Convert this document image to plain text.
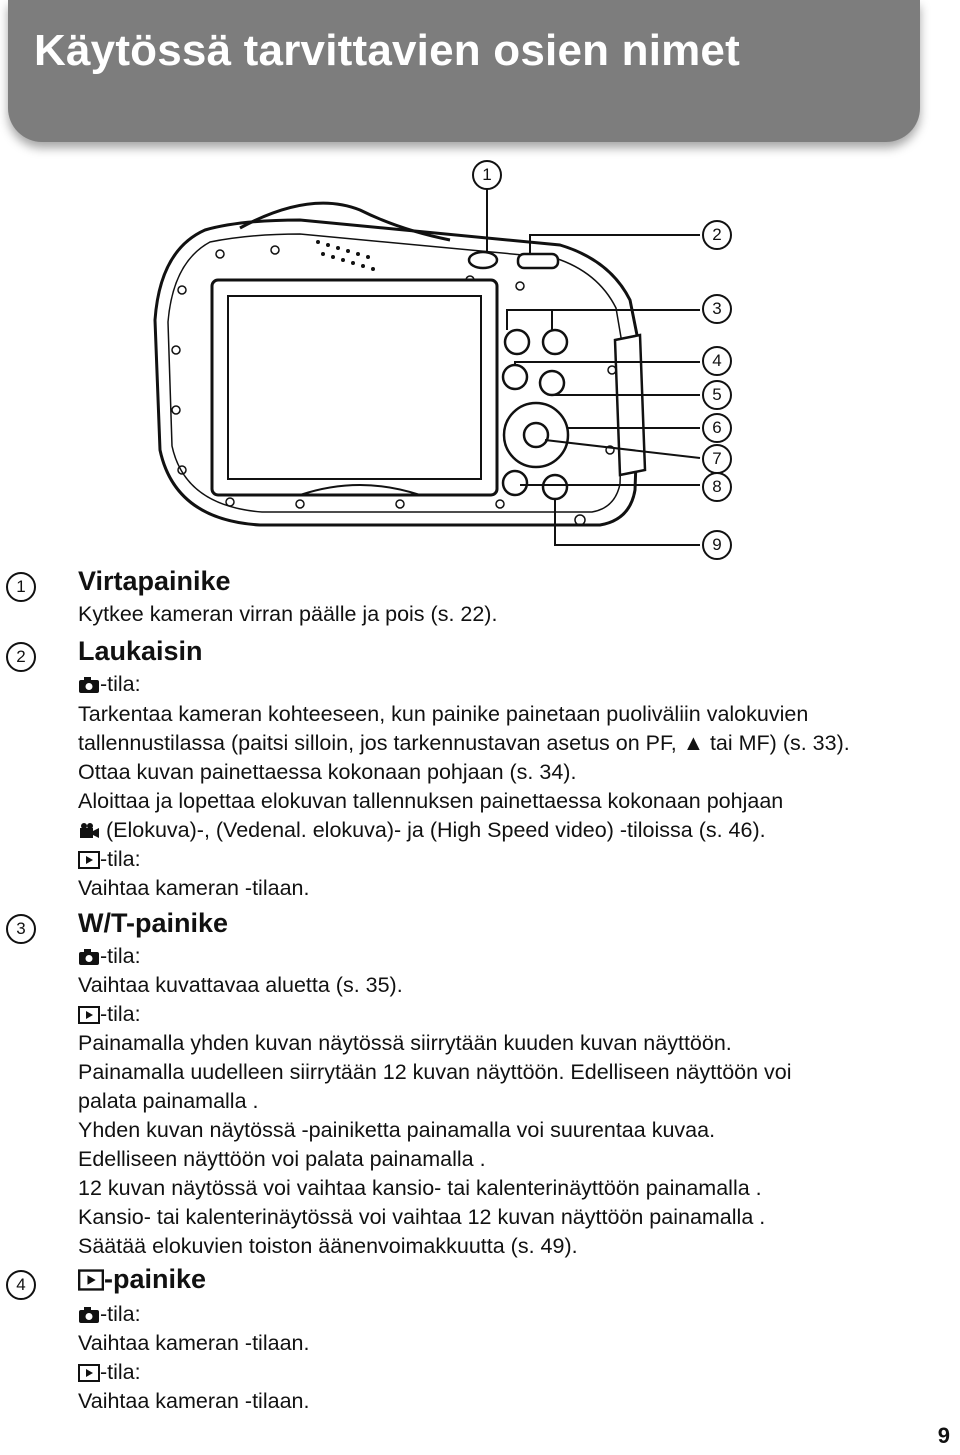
Käytössä tarvittavien osien nimet
1
2
3
4
5
6
7
8
9
1	Virtapainike
Kytkee kameran virran päälle ja pois (s. 22).
2	Laukaisin
-tila:
Tarkentaa kameran kohteeseen, kun painike painetaan puoliväliin valokuvien
tallennustilassa (paitsi silloin, jos tarkennustavan asetus on PF, ▲ tai MF) (s. 33).
Ottaa kuvan painettaessa kokonaan pohjaan (s. 34).
Aloittaa ja lopettaa elokuvan tallennuksen painettaessa kokonaan pohjaan
(Elokuva)-, (Vedenal. elokuva)- ja (High Speed video) -tiloissa (s. 46).
-tila:
Vaihtaa kameran -tilaan.
3	W/T-painike
-tila:
Vaihtaa kuvattavaa aluetta (s. 35).
-tila:
Painamalla yhden kuvan näytössä siirrytään kuuden kuvan näyttöön.
Painamalla uudelleen siirrytään 12 kuvan näyttöön. Edelliseen näyttöön voi
palata painamalla .
Yhden kuvan näytössä -painiketta painamalla voi suurentaa kuvaa.
Edelliseen näyttöön voi palata painamalla .
12 kuvan näytössä voi vaihtaa kansio- tai kalenterinäyttöön painamalla .
Kansio- tai kalenterinäytössä voi vaihtaa 12 kuvan näyttöön painamalla .
Säätää elokuvien toiston äänenvoimakkuutta (s. 49).
4	-painike
-tila:
Vaihtaa kameran -tilaan.
-tila:
Vaihtaa kameran -tilaan.
9
